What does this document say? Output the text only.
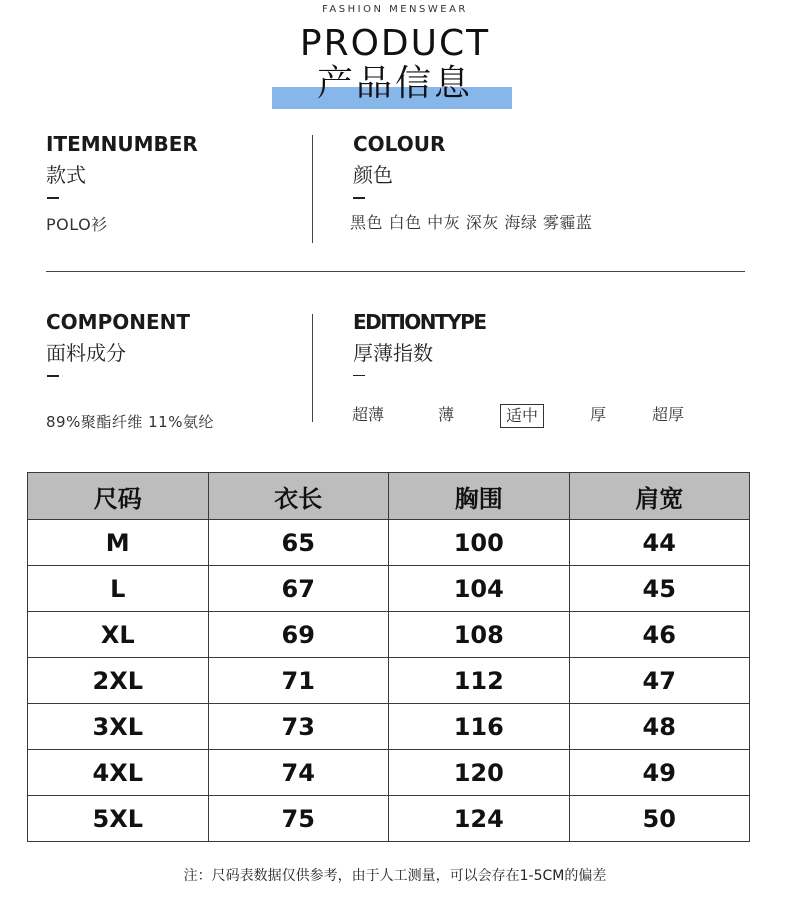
FASHION MENSWEAR
PRODUCT
产品信息
ITEMNUMBER
款式
POLO衫
COLOUR
颜色
黑色 白色 中灰 深灰 海绿 雾霾蓝
COMPONENT
面料成分
89%聚酯纤维 11%氨纶
EDITIONTYPE
厚薄指数
超薄	薄	适中	厚	超厚
尺码	衣长	胸围	肩宽
M	65	100	44
L	67	104	45
XL	69	108	46
2XL	71	112	47
3XL	73	116	48
4XL	74	120	49
5XL	75	124	50
注：尺码表数据仅供参考，由于人工测量，可以会存在1-5CM的偏差
